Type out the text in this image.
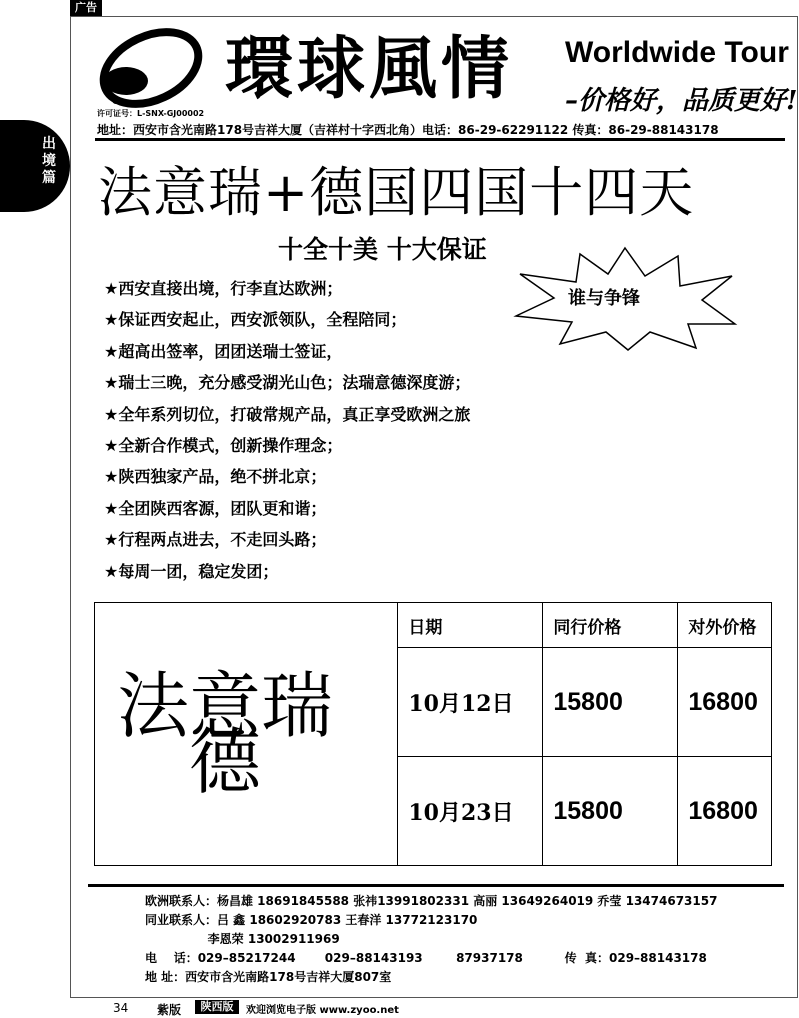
广告
出境篇
環球風情 Worldwide Tour
–价格好，品质更好!
许可证号：L-SNX-GJ00002
地址：西安市含光南路178号吉祥大厦（吉祥村十字西北角）电话：86-29-62291122 传真：86-29-88143178
法意瑞+德国四国十四天
十全十美 十大保证
谁与争锋
★西安直接出境，行李直达欧洲；
★保证西安起止，西安派领队，全程陪同；
★超高出签率，团团送瑞士签证，
★瑞士三晚，充分感受湖光山色；法瑞意德深度游；
★全年系列切位，打破常规产品，真正享受欧洲之旅
★全新合作模式，创新操作理念；
★陕西独家产品，绝不拼北京；
★全团陕西客源，团队更和谐；
★行程两点进去，不走回头路；
★每周一团，稳定发团；
法意瑞德	日期	同行价格	对外价格
	10月12日	15800	16800
	10月23日	15800	16800
欧洲联系人：杨昌雄 18691845588 张祎13991802331 高丽 13649264019 乔莹 13474673157
同业联系人：吕 鑫 18602920783 王春洋 13772123170
李恩荣 13002911969
电    话：029–85217244       029–88143193        87937178          传  真：029–88143178
地 址：西安市含光南路178号吉祥大厦807室
34 紫版	陕西版	欢迎浏览电子版 www.zyoo.net
